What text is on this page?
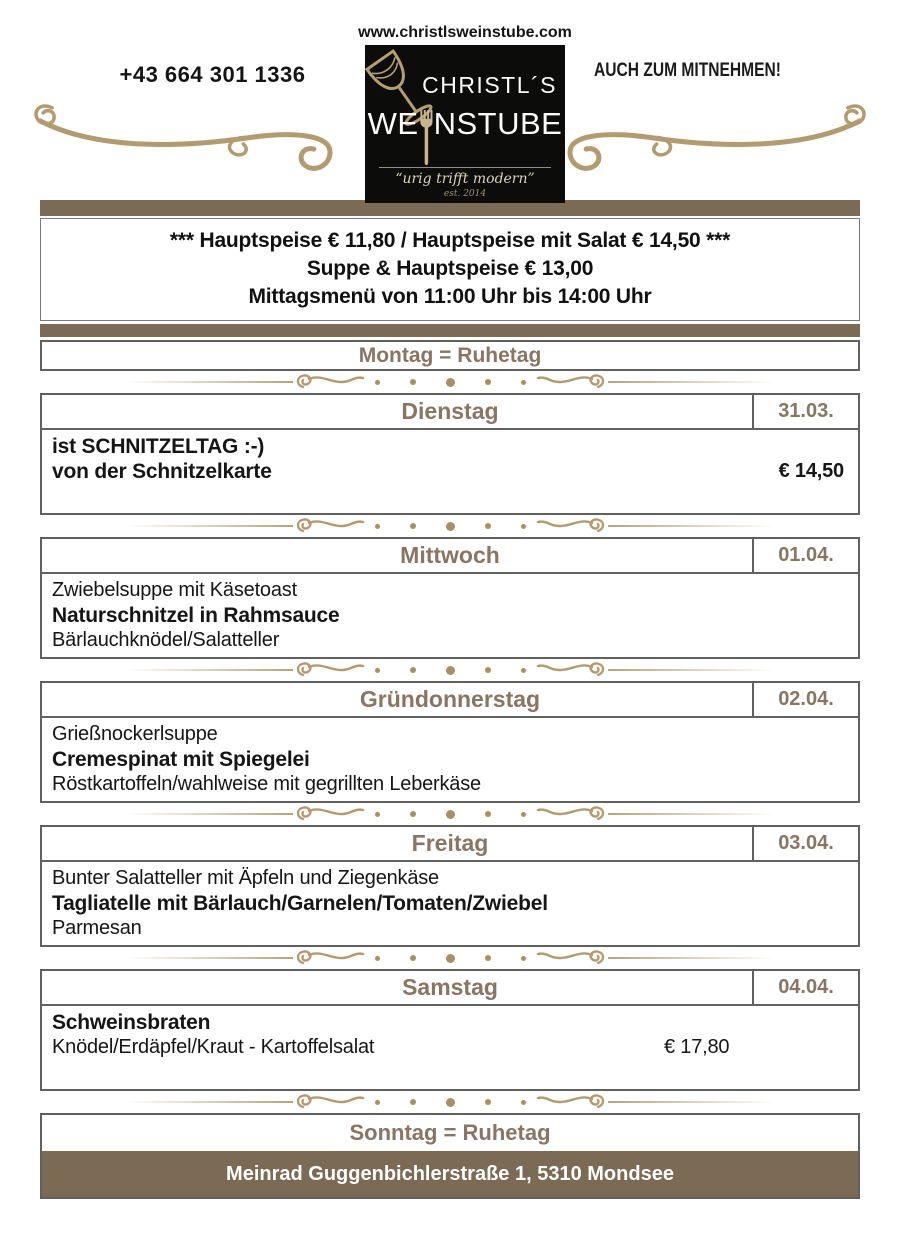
www.christlsweinstube.com
+43 664 301 1336	AUCH ZUM MITNEHMEN!
CHRISTL´S
WE NSTUBE
“urig trifft modern”
est. 2014

*** Hauptspeise € 11,80 / Hauptspeise mit Salat € 14,50 ***

Suppe & Hauptspeise € 13,00

Mittagsmenü von 11:00 Uhr bis 14:00 Uhr

Montag = Ruhetag
Dienstag	31.03.
ist SCHNITZELTAG :-)
von der Schnitzelkarte	€ 14,50
Mittwoch	01.04.
Zwiebelsuppe mit Käsetoast
Naturschnitzel in Rahmsauce
Bärlauchknödel/Salatteller
Gründonnerstag	02.04.
Grießnockerlsuppe
Cremespinat mit Spiegelei
Röstkartoffeln/wahlweise mit gegrillten Leberkäse
Freitag	03.04.
Bunter Salatteller mit Äpfeln und Ziegenkäse
Tagliatelle mit Bärlauch/Garnelen/Tomaten/Zwiebel
Parmesan
Samstag	04.04.
Schweinsbraten
Knödel/Erdäpfel/Kraut - Kartoffelsalat	€ 17,80
Sonntag = Ruhetag
Meinrad Guggenbichlerstraße 1, 5310 Mondsee
